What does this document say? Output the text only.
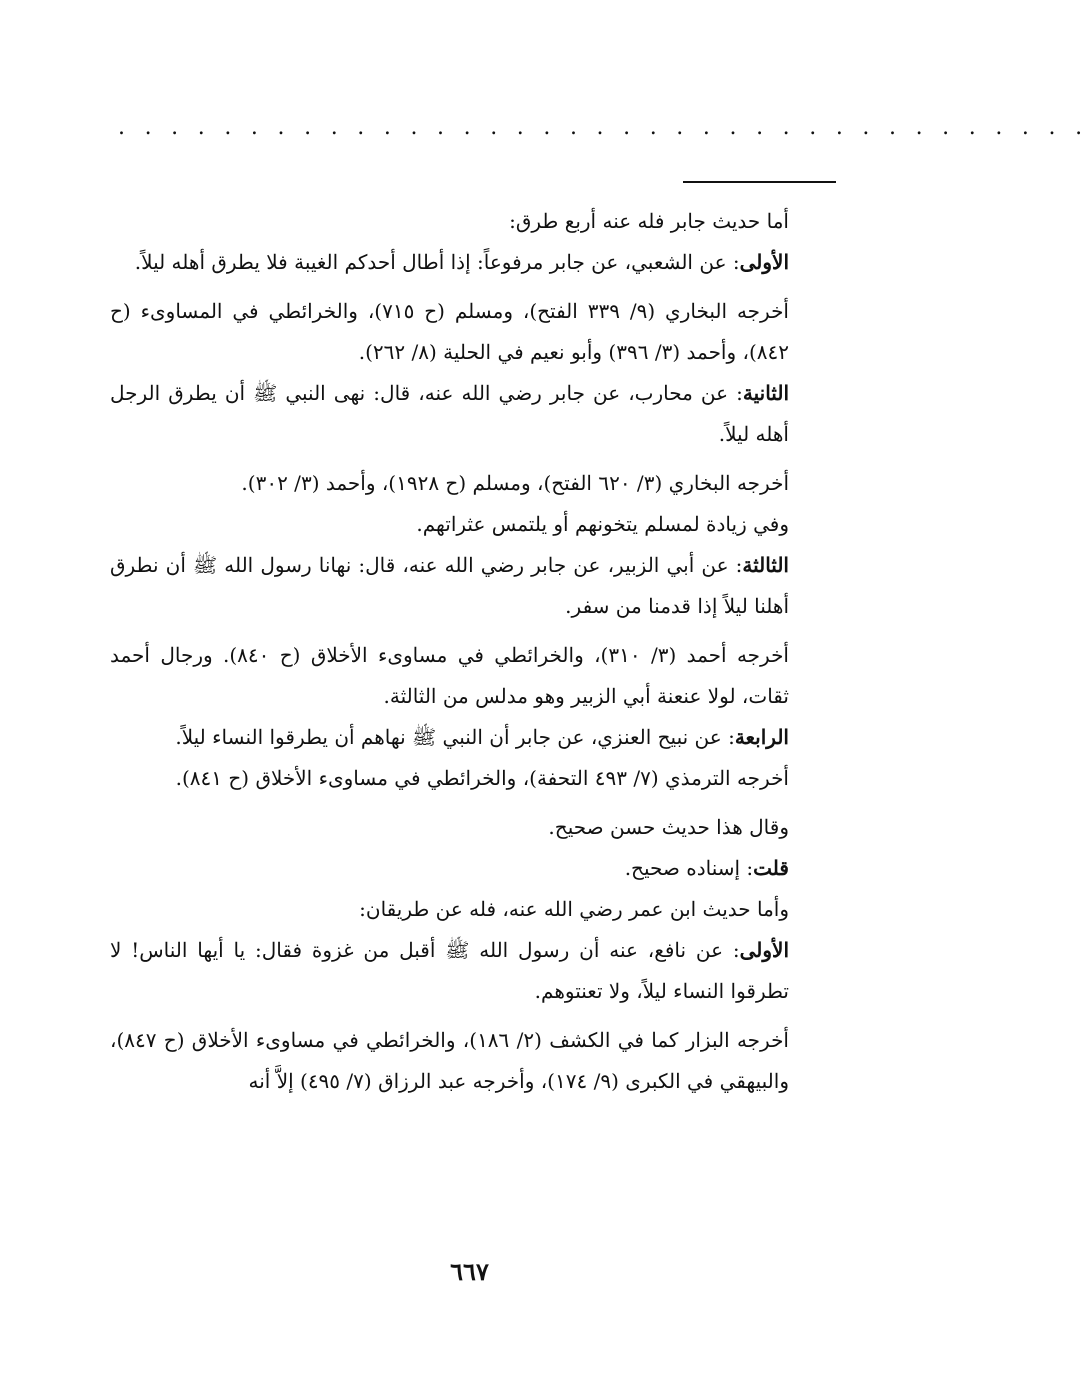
. . . . . . . . . . . . . . . . . . . . . . . . . . . . . . . . . . . . .

أما حديث جابر فله عنه أربع طرق:

الأولى: عن الشعبي، عن جابر مرفوعاً: إذا أطال أحدكم الغيبة فلا يطرق أهله ليلاً.

أخرجه البخاري (٩/ ٣٣٩ الفتح)، ومسلم (ح ٧١٥)، والخرائطي في المساوىء (ح ٨٤٢)، وأحمد (٣/ ٣٩٦) وأبو نعيم في الحلية (٨/ ٢٦٢).

الثانية: عن محارب، عن جابر رضي الله عنه، قال: نهى النبي ﷺ أن يطرق الرجل أهله ليلاً.

أخرجه البخاري (٣/ ٦٢٠ الفتح)، ومسلم (ح ١٩٢٨)، وأحمد (٣/ ٣٠٢).

وفي زيادة لمسلم يتخونهم أو يلتمس عثراتهم.

الثالثة: عن أبي الزبير، عن جابر رضي الله عنه، قال: نهانا رسول الله ﷺ أن نطرق أهلنا ليلاً إذا قدمنا من سفر.

أخرجه أحمد (٣/ ٣١٠)، والخرائطي في مساوىء الأخلاق (ح ٨٤٠). ورجال أحمد ثقات، لولا عنعنة أبي الزبير وهو مدلس من الثالثة.

الرابعة: عن نبيح العنزي، عن جابر أن النبي ﷺ نهاهم أن يطرقوا النساء ليلاً.

أخرجه الترمذي (٧/ ٤٩٣ التحفة)، والخرائطي في مساوىء الأخلاق (ح ٨٤١).

وقال هذا حديث حسن صحيح.

قلت: إسناده صحيح.

وأما حديث ابن عمر رضي الله عنه، فله عن طريقان:

الأولى: عن نافع، عنه أن رسول الله ﷺ أقبل من غزوة فقال: يا أيها الناس! لا تطرقوا النساء ليلاً، ولا تعنتوهم.

أخرجه البزار كما في الكشف (٢/ ١٨٦)، والخرائطي في مساوىء الأخلاق (ح ٨٤٧)، والبيهقي في الكبرى (٩/ ١٧٤)، وأخرجه عبد الرزاق (٧/ ٤٩٥) إلاَّ أنه

٦٦٧
